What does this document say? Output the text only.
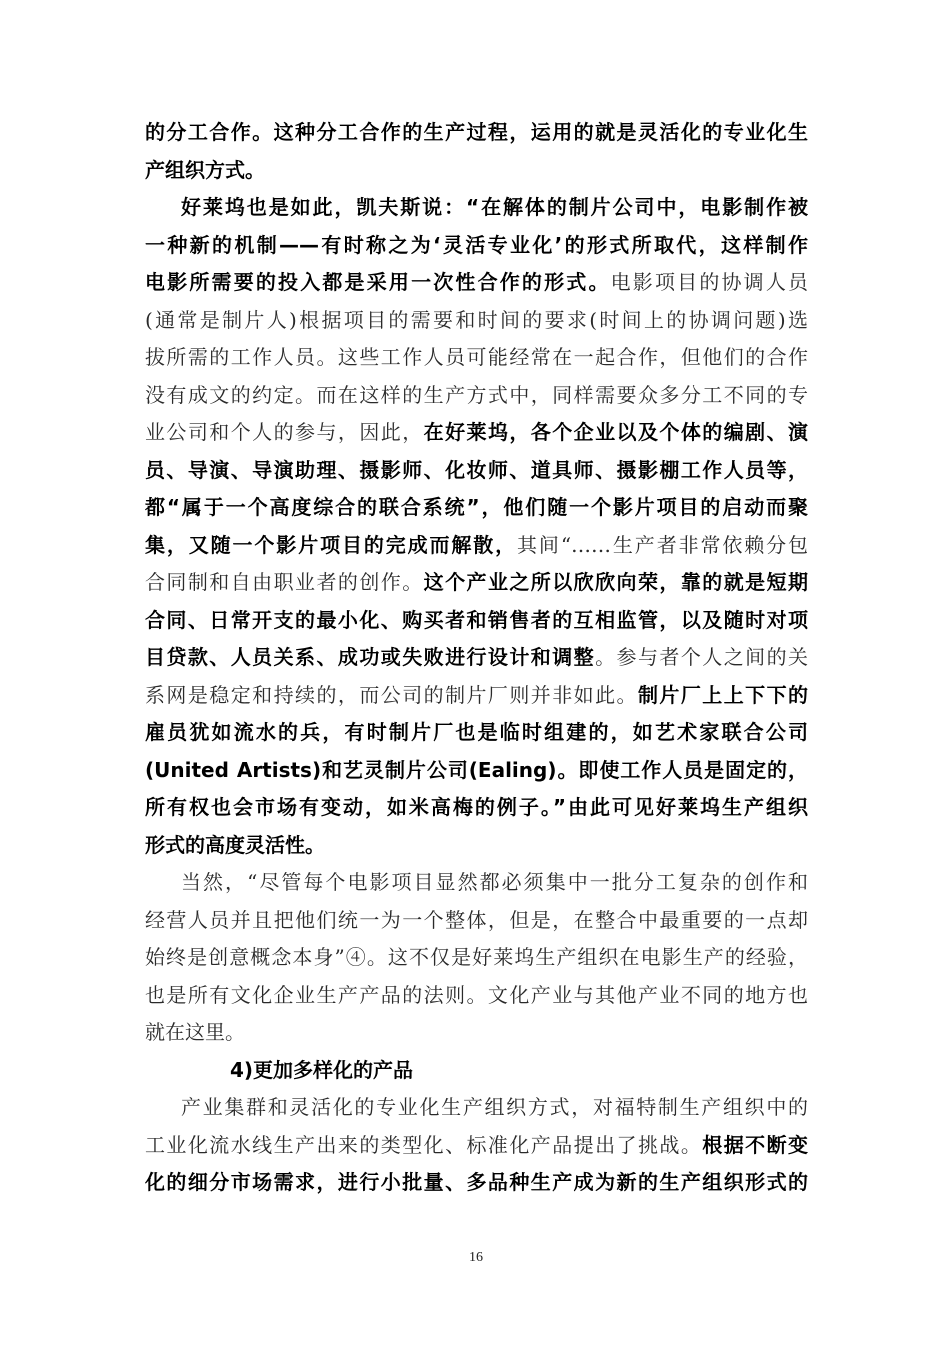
的分工合作。这种分工合作的生产过程，运用的就是灵活化的专业化生
产组织方式。
好莱坞也是如此，凯夫斯说：“在解体的制片公司中，电影制作被
一种新的机制——有时称之为‘灵活专业化’的形式所取代，这样制作
电影所需要的投入都是采用一次性合作的形式。电影项目的协调人员
(通常是制片人)根据项目的需要和时间的要求(时间上的协调问题)选
拔所需的工作人员。这些工作人员可能经常在一起合作，但他们的合作
没有成文的约定。而在这样的生产方式中，同样需要众多分工不同的专
业公司和个人的参与，因此，在好莱坞，各个企业以及个体的编剧、演
员、导演、导演助理、摄影师、化妆师、道具师、摄影棚工作人员等，
都“属于一个高度综合的联合系统”，他们随一个影片项目的启动而聚
集，又随一个影片项目的完成而解散，其间“……生产者非常依赖分包
合同制和自由职业者的创作。这个产业之所以欣欣向荣，靠的就是短期
合同、日常开支的最小化、购买者和销售者的互相监管，以及随时对项
目贷款、人员关系、成功或失败进行设计和调整。参与者个人之间的关
系网是稳定和持续的，而公司的制片厂则并非如此。制片厂上上下下的
雇员犹如流水的兵，有时制片厂也是临时组建的，如艺术家联合公司
(United Artists)和艺灵制片公司(Ealing)。即使工作人员是固定的，
所有权也会市场有变动，如米高梅的例子。”由此可见好莱坞生产组织
形式的高度灵活性。
当然，“尽管每个电影项目显然都必须集中一批分工复杂的创作和
经营人员并且把他们统一为一个整体，但是，在整合中最重要的一点却
始终是创意概念本身”④。这不仅是好莱坞生产组织在电影生产的经验，
也是所有文化企业生产产品的法则。文化产业与其他产业不同的地方也
就在这里。
4)更加多样化的产品
产业集群和灵活化的专业化生产组织方式，对福特制生产组织中的
工业化流水线生产出来的类型化、标准化产品提出了挑战。根据不断变
化的细分市场需求，进行小批量、多品种生产成为新的生产组织形式的
16
